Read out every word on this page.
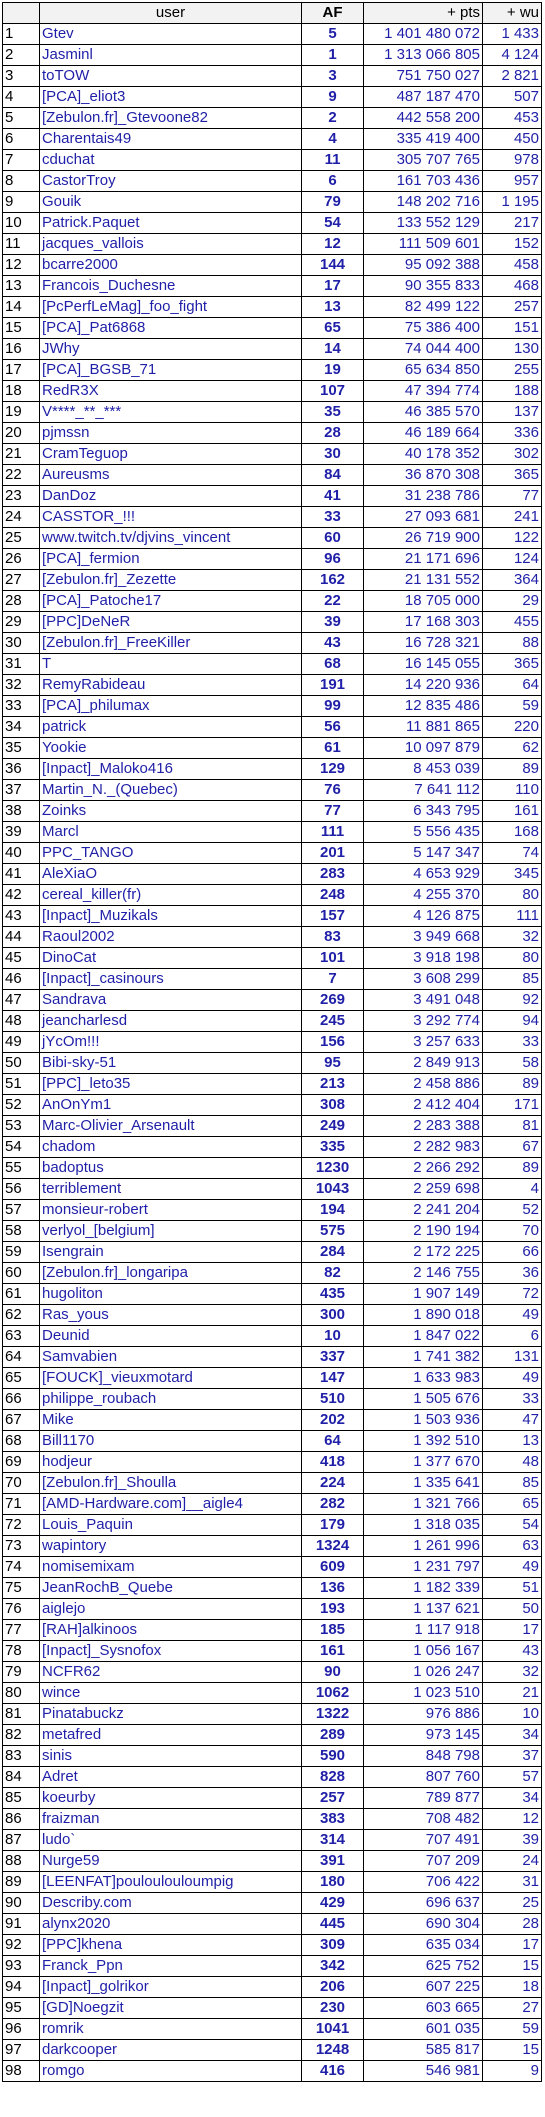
	user	AF	+ pts	+ wu
1	Gtev	5	1 401 480 072	1 433
2	Jasminl	1	1 313 066 805	4 124
3	toTOW	3	751 750 027	2 821
4	[PCA]_eliot3	9	487 187 470	507
5	[Zebulon.fr]_Gtevoone82	2	442 558 200	453
6	Charentais49	4	335 419 400	450
7	cduchat	11	305 707 765	978
8	CastorTroy	6	161 703 436	957
9	Gouik	79	148 202 716	1 195
10	Patrick.Paquet	54	133 552 129	217
11	jacques_vallois	12	111 509 601	152
12	bcarre2000	144	95 092 388	458
13	Francois_Duchesne	17	90 355 833	468
14	[PcPerfLeMag]_foo_fight	13	82 499 122	257
15	[PCA]_Pat6868	65	75 386 400	151
16	JWhy	14	74 044 400	130
17	[PCA]_BGSB_71	19	65 634 850	255
18	RedR3X	107	47 394 774	188
19	V****_**_***	35	46 385 570	137
20	pjmssn	28	46 189 664	336
21	CramTeguop	30	40 178 352	302
22	Aureusms	84	36 870 308	365
23	DanDoz	41	31 238 786	77
24	CASSTOR_!!!	33	27 093 681	241
25	www.twitch.tv/djvins_vincent	60	26 719 900	122
26	[PCA]_fermion	96	21 171 696	124
27	[Zebulon.fr]_Zezette	162	21 131 552	364
28	[PCA]_Patoche17	22	18 705 000	29
29	[PPC]DeNeR	39	17 168 303	455
30	[Zebulon.fr]_FreeKiller	43	16 728 321	88
31	T	68	16 145 055	365
32	RemyRabideau	191	14 220 936	64
33	[PCA]_philumax	99	12 835 486	59
34	patrick	56	11 881 865	220
35	Yookie	61	10 097 879	62
36	[Inpact]_Maloko416	129	8 453 039	89
37	Martin_N._(Quebec)	76	7 641 112	110
38	Zoinks	77	6 343 795	161
39	Marcl	111	5 556 435	168
40	PPC_TANGO	201	5 147 347	74
41	AleXiaO	283	4 653 929	345
42	cereal_killer(fr)	248	4 255 370	80
43	[Inpact]_Muzikals	157	4 126 875	111
44	Raoul2002	83	3 949 668	32
45	DinoCat	101	3 918 198	80
46	[Inpact]_casinours	7	3 608 299	85
47	Sandrava	269	3 491 048	92
48	jeancharlesd	245	3 292 774	94
49	jYcOm!!!	156	3 257 633	33
50	Bibi-sky-51	95	2 849 913	58
51	[PPC]_leto35	213	2 458 886	89
52	AnOnYm1	308	2 412 404	171
53	Marc-Olivier_Arsenault	249	2 283 388	81
54	chadom	335	2 282 983	67
55	badoptus	1230	2 266 292	89
56	terriblement	1043	2 259 698	4
57	monsieur-robert	194	2 241 204	52
58	verlyol_[belgium]	575	2 190 194	70
59	Isengrain	284	2 172 225	66
60	[Zebulon.fr]_longaripa	82	2 146 755	36
61	hugoliton	435	1 907 149	72
62	Ras_yous	300	1 890 018	49
63	Deunid	10	1 847 022	6
64	Samvabien	337	1 741 382	131
65	[FOUCK]_vieuxmotard	147	1 633 983	49
66	philippe_roubach	510	1 505 676	33
67	Mike	202	1 503 936	47
68	Bill1170	64	1 392 510	13
69	hodjeur	418	1 377 670	48
70	[Zebulon.fr]_Shoulla	224	1 335 641	85
71	[AMD-Hardware.com]__aigle4	282	1 321 766	65
72	Louis_Paquin	179	1 318 035	54
73	wapintory	1324	1 261 996	63
74	nomisemixam	609	1 231 797	49
75	JeanRochB_Quebe	136	1 182 339	51
76	aiglejo	193	1 137 621	50
77	[RAH]alkinoos	185	1 117 918	17
78	[Inpact]_Sysnofox	161	1 056 167	43
79	NCFR62	90	1 026 247	32
80	wince	1062	1 023 510	21
81	Pinatabuckz	1322	976 886	10
82	metafred	289	973 145	34
83	sinis	590	848 798	37
84	Adret	828	807 760	57
85	koeurby	257	789 877	34
86	fraizman	383	708 482	12
87	ludo`	314	707 491	39
88	Nurge59	391	707 209	24
89	[LEENFAT]pouloulouloumpig	180	706 422	31
90	Describy.com	429	696 637	25
91	alynx2020	445	690 304	28
92	[PPC]khena	309	635 034	17
93	Franck_Ppn	342	625 752	15
94	[Inpact]_golrikor	206	607 225	18
95	[GD]Noegzit	230	603 665	27
96	romrik	1041	601 035	59
97	darkcooper	1248	585 817	15
98	romgo	416	546 981	9
